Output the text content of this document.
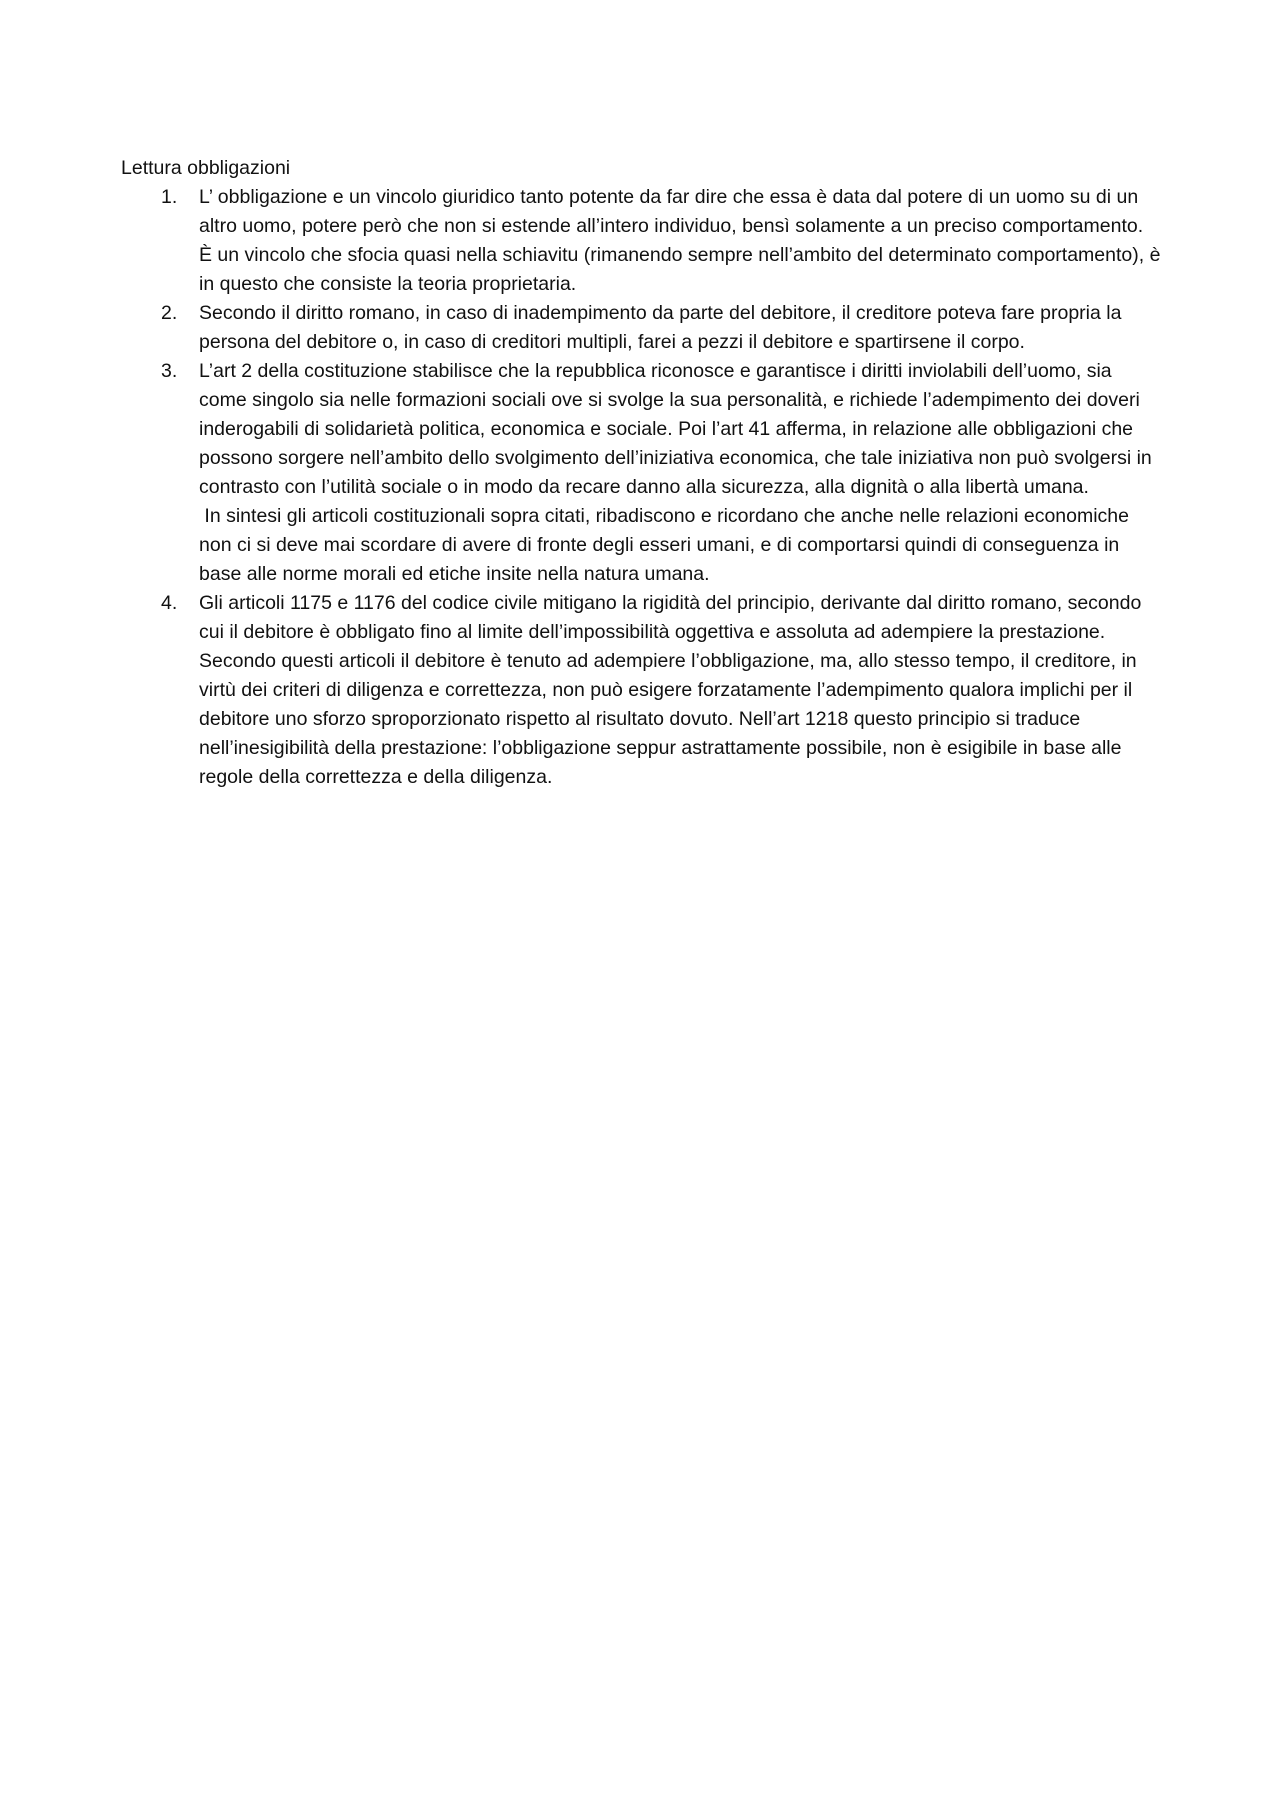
Lettura obbligazioni
1. L’ obbligazione e un vincolo giuridico tanto potente da far dire che essa è data dal potere di un uomo su di un altro uomo, potere però che non si estende all’intero individuo, bensì solamente a un preciso comportamento. È un vincolo che sfocia quasi nella schiavitu (rimanendo sempre nell’ambito del determinato comportamento), è in questo che consiste la teoria proprietaria.

2. Secondo il diritto romano, in caso di inadempimento da parte del debitore, il creditore poteva fare propria la persona del debitore o, in caso di creditori multipli, farei a pezzi il debitore e spartirsene il corpo.

3. L’art 2 della costituzione stabilisce che la repubblica riconosce e garantisce i diritti inviolabili dell’uomo, sia come singolo sia nelle formazioni sociali ove si svolge la sua personalità, e richiede l’adempimento dei doveri inderogabili di solidarietà politica, economica e sociale. Poi l’art 41 afferma, in relazione alle obbligazioni che possono sorgere nell’ambito dello svolgimento dell’iniziativa economica, che tale iniziativa non può svolgersi in contrasto con l’utilità sociale o in modo da recare danno alla sicurezza, alla dignità o alla libertà umana.

In sintesi gli articoli costituzionali sopra citati, ribadiscono e ricordano che anche nelle relazioni economiche non ci si deve mai scordare di avere di fronte degli esseri umani, e di comportarsi quindi di conseguenza in base alle norme morali ed etiche insite nella natura umana.

4. Gli articoli 1175 e 1176 del codice civile mitigano la rigidità del principio, derivante dal diritto romano, secondo cui il debitore è obbligato fino al limite dell’impossibilità oggettiva e assoluta ad adempiere la prestazione. Secondo questi articoli il debitore è tenuto ad adempiere l’obbligazione, ma, allo stesso tempo, il creditore, in virtù dei criteri di diligenza e correttezza, non può esigere forzatamente l’adempimento qualora implichi per il debitore uno sforzo sproporzionato rispetto al risultato dovuto. Nell’art 1218 questo principio si traduce nell’inesigibilità della prestazione: l’obbligazione seppur astrattamente possibile, non è esigibile in base alle regole della correttezza e della diligenza.
